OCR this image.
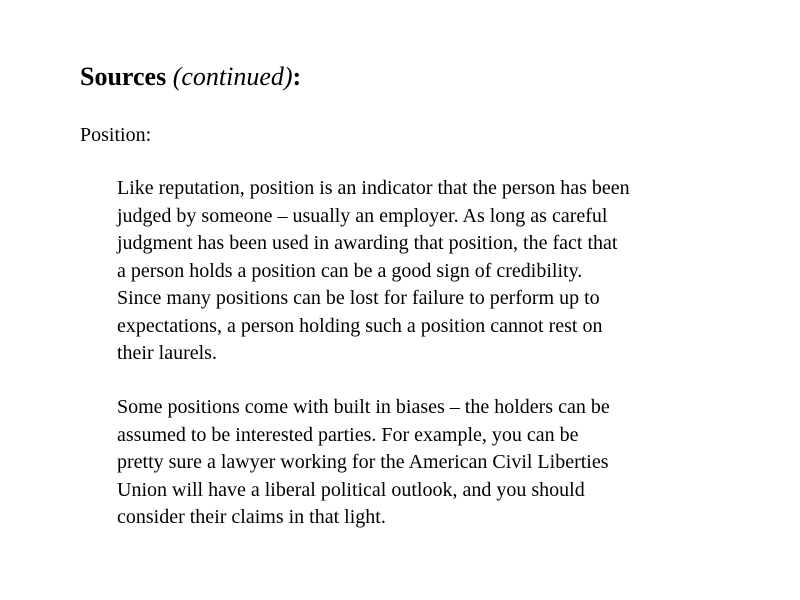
Sources (continued):
Position:
Like reputation, position is an indicator that the person has been
judged by someone – usually an employer. As long as careful
judgment has been used in awarding that position, the fact that
a person holds a position can be a good sign of credibility.
Since many positions can be lost for failure to perform up to
expectations, a person holding such a position cannot rest on
their laurels.
Some positions come with built in biases – the holders can be
assumed to be interested parties. For example, you can be
pretty sure a lawyer working for the American Civil Liberties
Union will have a liberal political outlook, and you should
consider their claims in that light.
